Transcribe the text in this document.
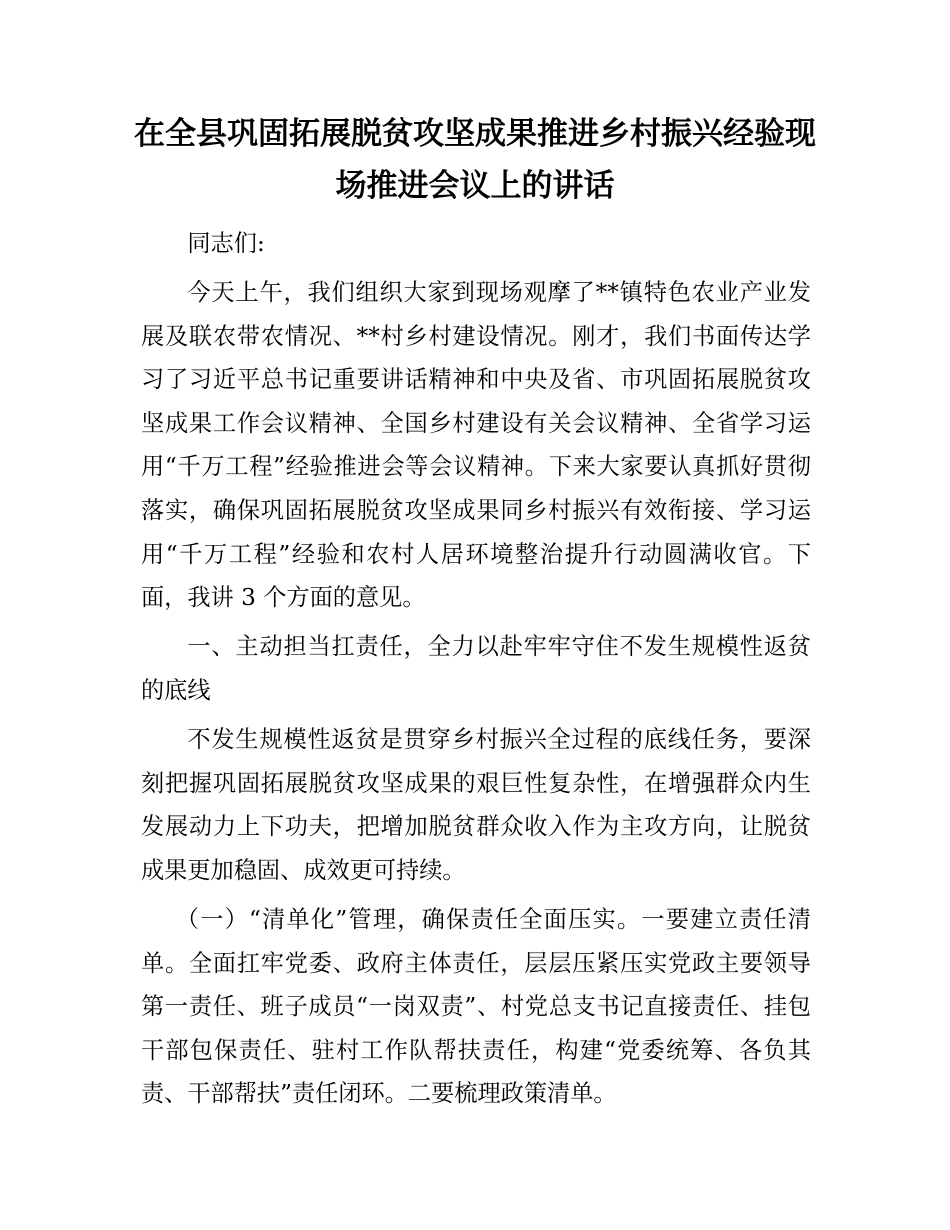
在全县巩固拓展脱贫攻坚成果推进乡村振兴经验现场推进会议上的讲话

同志们:

今天上午，我们组织大家到现场观摩了**镇特色农业产业发展及联农带农情况、**村乡村建设情况。刚才，我们书面传达学习了习近平总书记重要讲话精神和中央及省、市巩固拓展脱贫攻坚成果工作会议精神、全国乡村建设有关会议精神、全省学习运用“千万工程”经验推进会等会议精神。下来大家要认真抓好贯彻落实，确保巩固拓展脱贫攻坚成果同乡村振兴有效衔接、学习运用“千万工程”经验和农村人居环境整治提升行动圆满收官。下面，我讲 3 个方面的意见。

一、主动担当扛责任，全力以赴牢牢守住不发生规模性返贫的底线

不发生规模性返贫是贯穿乡村振兴全过程的底线任务，要深刻把握巩固拓展脱贫攻坚成果的艰巨性复杂性，在增强群众内生发展动力上下功夫，把增加脱贫群众收入作为主攻方向，让脱贫成果更加稳固、成效更可持续。

（一）“清单化”管理，确保责任全面压实。一要建立责任清单。全面扛牢党委、政府主体责任，层层压紧压实党政主要领导第一责任、班子成员“一岗双责”、村党总支书记直接责任、挂包干部包保责任、驻村工作队帮扶责任，构建“党委统筹、各负其责、干部帮扶”责任闭环。二要梳理政策清单。
